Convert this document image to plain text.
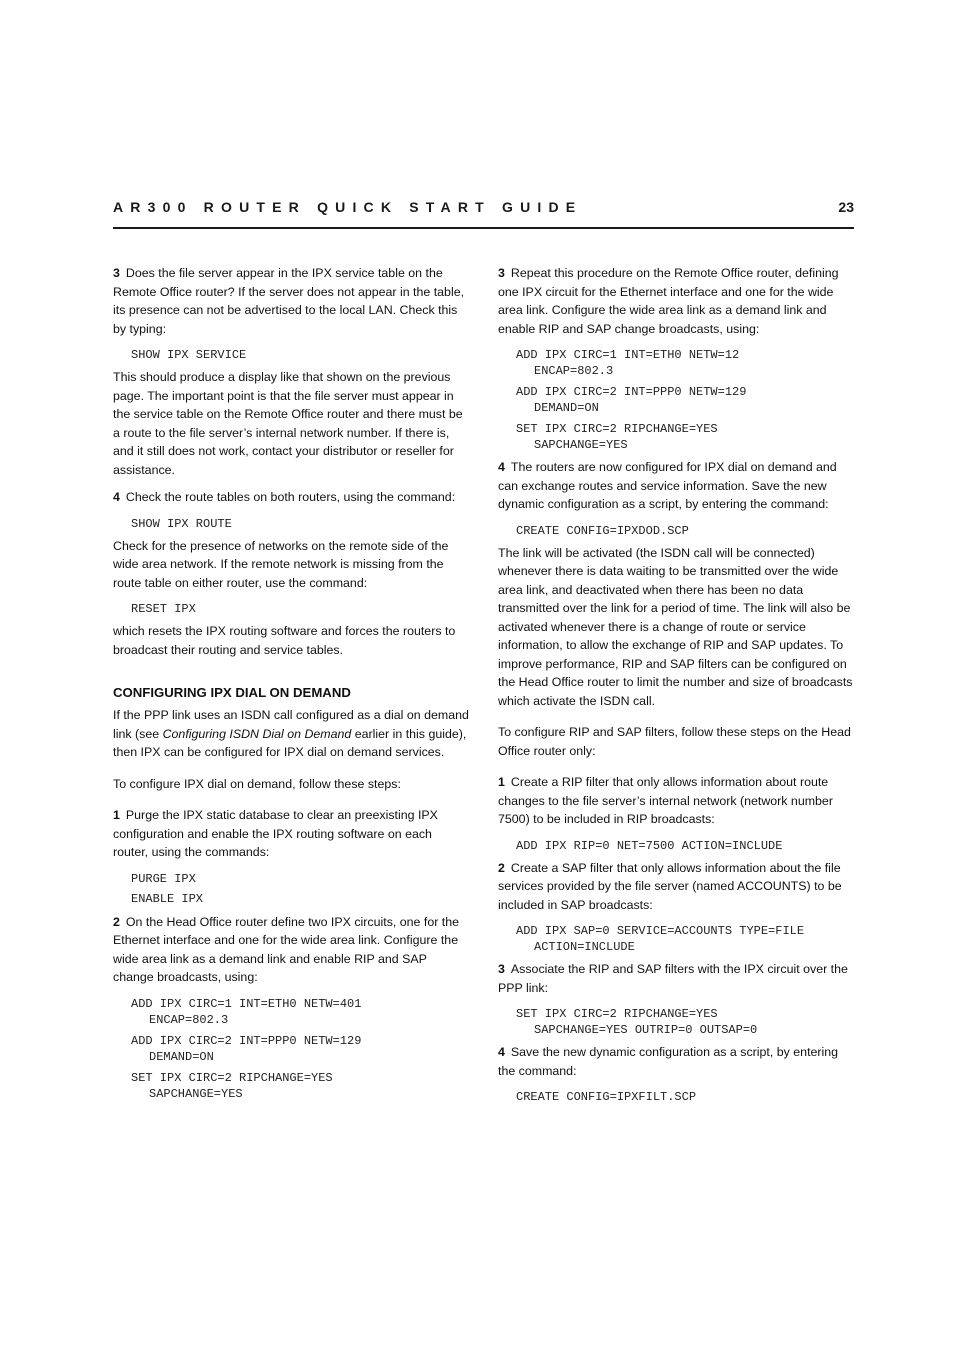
AR300 ROUTER QUICK START GUIDE	23

3 Does the file server appear in the IPX service table on the Remote Office router? If the server does not appear in the table, its presence can not be advertised to the local LAN. Check this by typing:

SHOW IPX SERVICE

This should produce a display like that shown on the previous page. The important point is that the file server must appear in the service table on the Remote Office router and there must be a route to the file server’s internal network number. If there is, and it still does not work, contact your distributor or reseller for assistance.

4 Check the route tables on both routers, using the command:

SHOW IPX ROUTE

Check for the presence of networks on the remote side of the wide area network. If the remote network is missing from the route table on either router, use the command:

RESET IPX

which resets the IPX routing software and forces the routers to broadcast their routing and service tables.

CONFIGURING IPX DIAL ON DEMAND

If the PPP link uses an ISDN call configured as a dial on demand link (see Configuring ISDN Dial on Demand earlier in this guide), then IPX can be configured for IPX dial on demand services.

To configure IPX dial on demand, follow these steps:

1 Purge the IPX static database to clear an preexisting IPX configuration and enable the IPX routing software on each router, using the commands:

PURGE IPX
ENABLE IPX

2 On the Head Office router define two IPX circuits, one for the Ethernet interface and one for the wide area link. Configure the wide area link as a demand link and enable RIP and SAP change broadcasts, using:

ADD IPX CIRC=1 INT=ETH0 NETW=401
ENCAP=802.3
ADD IPX CIRC=2 INT=PPP0 NETW=129
DEMAND=ON
SET IPX CIRC=2 RIPCHANGE=YES
SAPCHANGE=YES

3 Repeat this procedure on the Remote Office router, defining one IPX circuit for the Ethernet interface and one for the wide area link. Configure the wide area link as a demand link and enable RIP and SAP change broadcasts, using:

ADD IPX CIRC=1 INT=ETH0 NETW=12
ENCAP=802.3
ADD IPX CIRC=2 INT=PPP0 NETW=129
DEMAND=ON
SET IPX CIRC=2 RIPCHANGE=YES
SAPCHANGE=YES

4 The routers are now configured for IPX dial on demand and can exchange routes and service information. Save the new dynamic configuration as a script, by entering the command:

CREATE CONFIG=IPXDOD.SCP

The link will be activated (the ISDN call will be connected) whenever there is data waiting to be transmitted over the wide area link, and deactivated when there has been no data transmitted over the link for a period of time. The link will also be activated whenever there is a change of route or service information, to allow the exchange of RIP and SAP updates. To improve performance, RIP and SAP filters can be configured on the Head Office router to limit the number and size of broadcasts which activate the ISDN call.

To configure RIP and SAP filters, follow these steps on the Head Office router only:

1 Create a RIP filter that only allows information about route changes to the file server’s internal network (network number 7500) to be included in RIP broadcasts:

ADD IPX RIP=0 NET=7500 ACTION=INCLUDE

2 Create a SAP filter that only allows information about the file services provided by the file server (named ACCOUNTS) to be included in SAP broadcasts:

ADD IPX SAP=0 SERVICE=ACCOUNTS TYPE=FILE
ACTION=INCLUDE

3 Associate the RIP and SAP filters with the IPX circuit over the PPP link:

SET IPX CIRC=2 RIPCHANGE=YES
SAPCHANGE=YES OUTRIP=0 OUTSAP=0

4 Save the new dynamic configuration as a script, by entering the command:

CREATE CONFIG=IPXFILT.SCP
